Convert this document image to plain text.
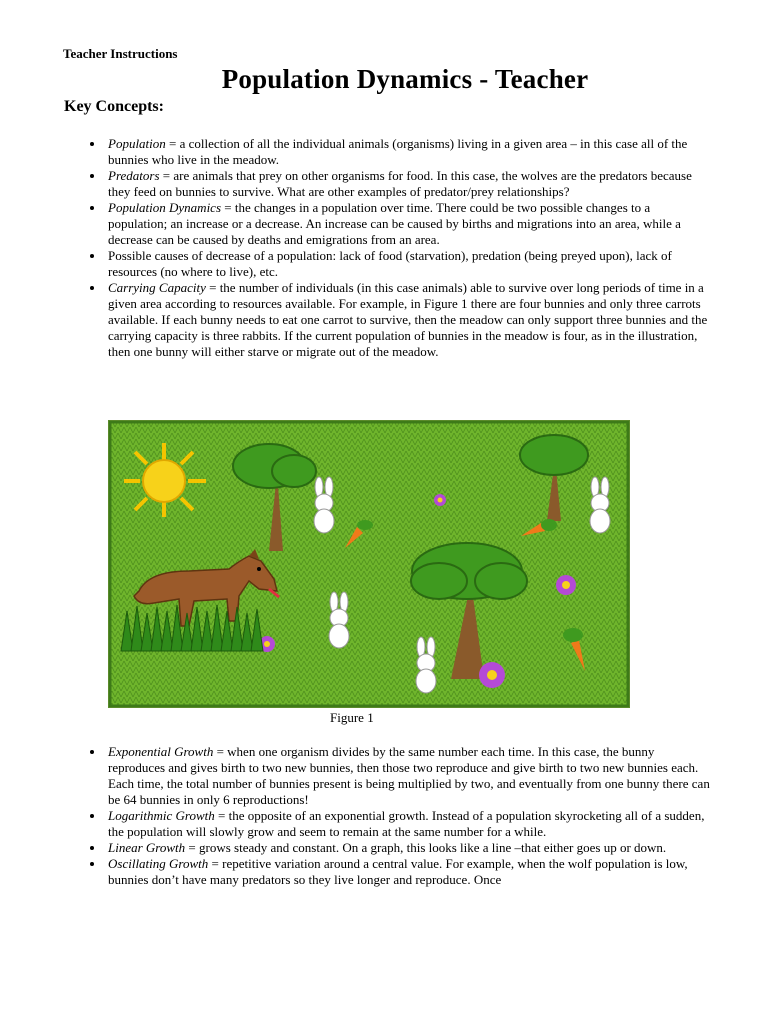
Teacher Instructions
Population Dynamics - Teacher
Key Concepts:
Population = a collection of all the individual animals (organisms) living in a given area – in this case all of the bunnies who live in the meadow.
Predators = are animals that prey on other organisms for food. In this case, the wolves are the predators because they feed on bunnies to survive. What are other examples of predator/prey relationships?
Population Dynamics = the changes in a population over time. There could be two possible changes to a population; an increase or a decrease. An increase can be caused by births and migrations into an area, while a decrease can be caused by deaths and emigrations from an area.
Possible causes of decrease of a population: lack of food (starvation), predation (being preyed upon), lack of resources (no where to live), etc.
Carrying Capacity = the number of individuals (in this case animals) able to survive over long periods of time in a given area according to resources available. For example, in Figure 1 there are four bunnies and only three carrots available. If each bunny needs to eat one carrot to survive, then the meadow can only support three bunnies and the carrying capacity is three rabbits. If the current population of bunnies in the meadow is four, as in the illustration, then one bunny will either starve or migrate out of the meadow.
Figure 1
Exponential Growth = when one organism divides by the same number each time. In this case, the bunny reproduces and gives birth to two new bunnies, then those two reproduce and give birth to two new bunnies each. Each time, the total number of bunnies present is being multiplied by two, and eventually from one bunny there can be 64 bunnies in only 6 reproductions!
Logarithmic Growth = the opposite of an exponential growth. Instead of a population skyrocketing all of a sudden, the population will slowly grow and seem to remain at the same number for a while.
Linear Growth = grows steady and constant. On a graph, this looks like a line –that either goes up or down.
Oscillating Growth = repetitive variation around a central value. For example, when the wolf population is low, bunnies don’t have many predators so they live longer and reproduce. Once
